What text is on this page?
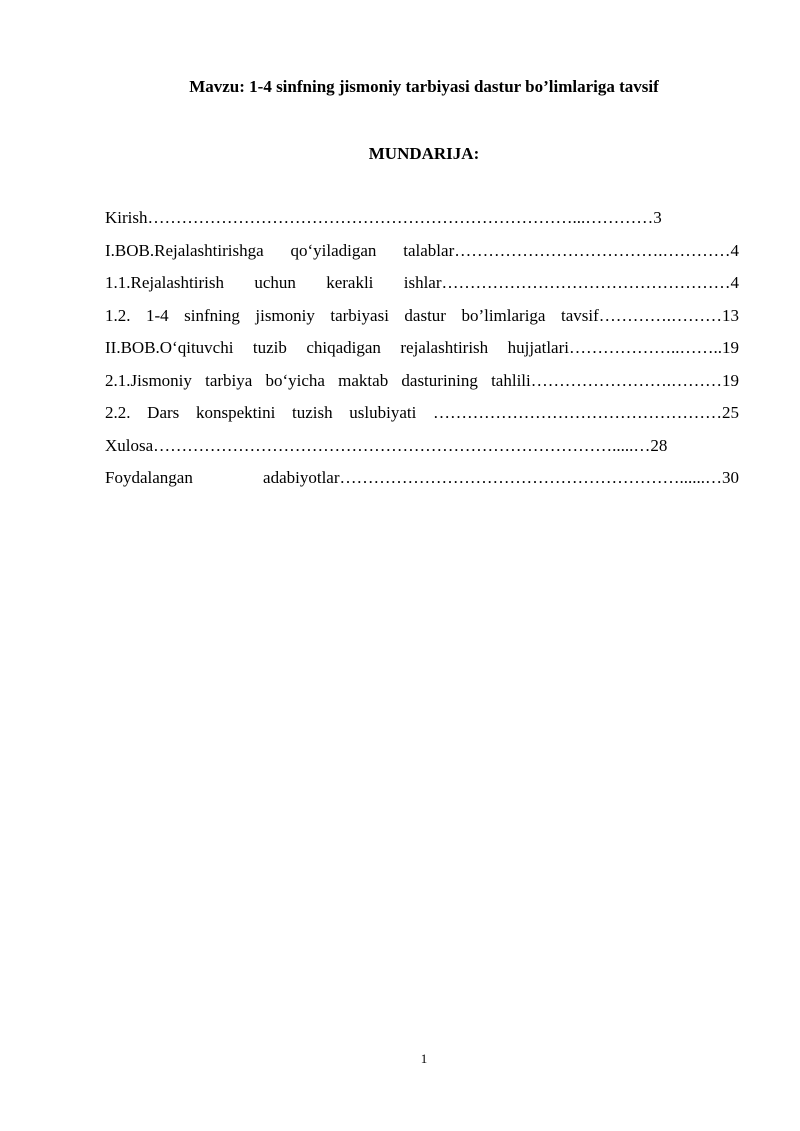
Mavzu: 1-4 sinfning jismoniy tarbiyasi dastur bo’limlariga tavsif
MUNDARIJA:
Kirish…………………………………………………………………...…………3
I.BOB.Rejalashtirishga qo‘yiladigan talablar……………………………….…………4
1.1.Rejalashtirish uchun kerakli ishlar……………………………………………4
1.2. 1-4 sinfning jismoniy tarbiyasi dastur bo’limlariga tavsif………….………13
II.BOB.O‘qituvchi tuzib chiqadigan rejalashtirish hujjatlari………………..……..19
2.1.Jismoniy tarbiya bo‘yicha maktab dasturining tahlili…………………….………19
2.2. Dars konspektini tuzish uslubiyati ……………………………………………25
Xulosa……………………………………………………………………….....…28
Foydalangan adabiyotlar……………………………………………………......…30
1
